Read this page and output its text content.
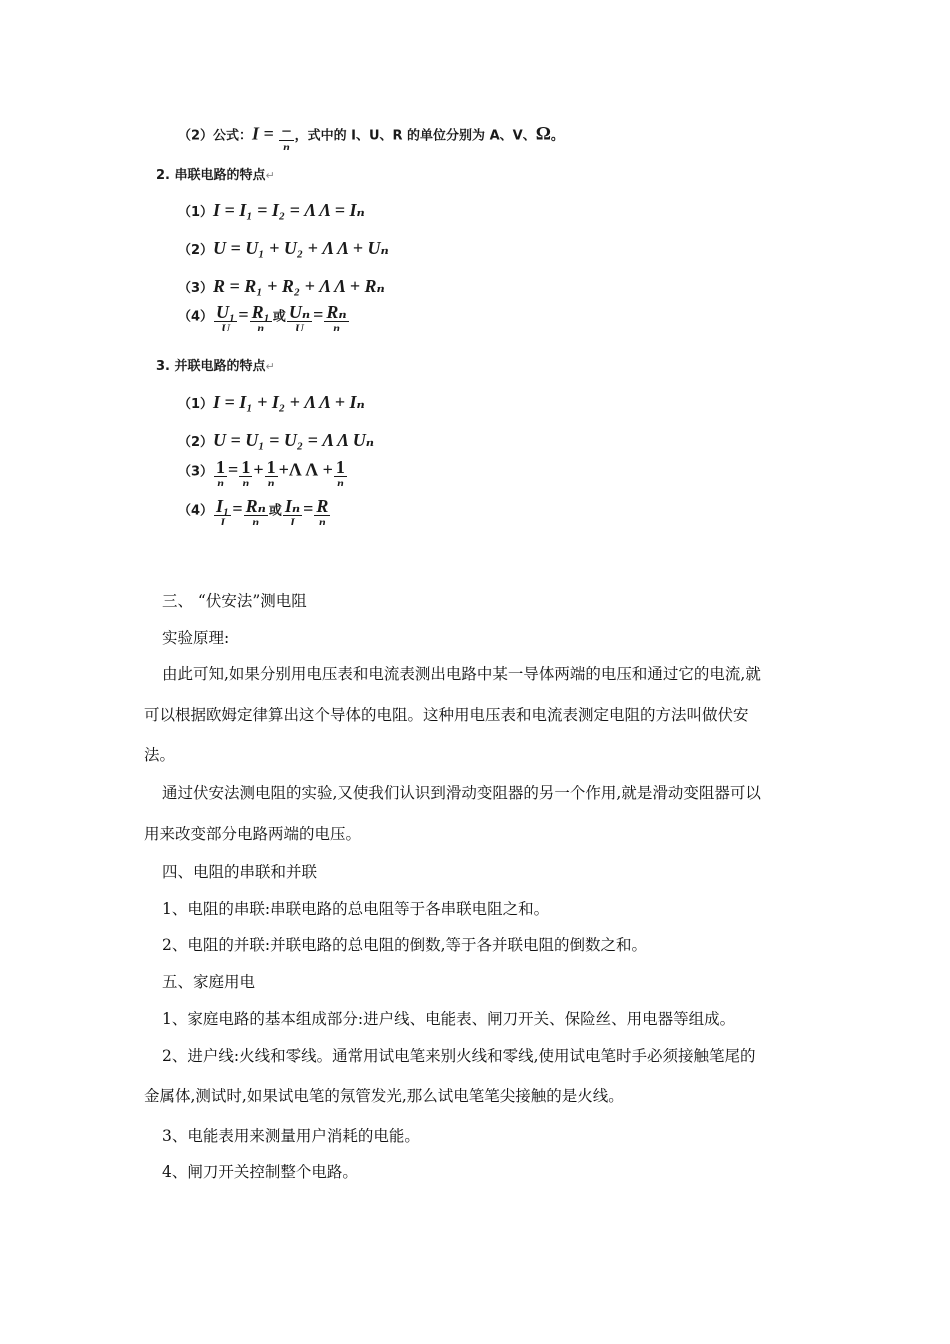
（2）公式：$I = \frac{-}{n}$ ，式中的 I、U、R 的单位分别为 A、V、Ω。
2. 串联电路的特点↵
（1）I = I₁ = I₂ = Λ Λ = Iₙ
（2）U = U₁ + U₂ + Λ Λ + Uₙ
（3）R = R₁ + R₂ + Λ Λ + Rₙ
$(4) \frac{\text{U₁}}{U} = \frac{\text{R₁}}{n}$ 或 $\frac{\text{Uₙ}}{U} = \frac{\text{Rₙ}}{n}$
3. 并联电路的特点↵
（1）I = I₁ + I₂ + Λ Λ + Iₙ
（2）U = U₁ = U₂ = Λ Λ Uₙ
$(3) \frac{1}{n} = \frac{1}{n} + \frac{1}{n} +\Lambda$ $\Lambda + \frac{1}{n}$
$(4) \frac{\text{I₁}}{I} = \frac{\text{Rₙ}}{n}$ 或 $\frac{\text{Iₙ}}{I} = \frac{R}{n}$
三、 “伏安法”测电阻
实验原理:
由此可知,如果分别用电压表和电流表测出电路中某一导体两端的电压和通过它的电流,就
可以根据欧姆定律算出这个导体的电阻。这种用电压表和电流表测定电阻的方法叫做伏安
法。
通过伏安法测电阻的实验,又使我们认识到滑动变阻器的另一个作用,就是滑动变阻器可以
用来改变部分电路两端的电压。
四、电阻的串联和并联
1、电阻的串联:串联电路的总电阻等于各串联电阻之和。
2、电阻的并联:并联电路的总电阻的倒数,等于各并联电阻的倒数之和。
五、家庭用电
1、家庭电路的基本组成部分:进户线、电能表、闸刀开关、保险丝、用电器等组成。
2、进户线:火线和零线。通常用试电笔来别火线和零线,使用试电笔时手必须接触笔尾的
金属体,测试时,如果试电笔的氖管发光,那么试电笔笔尖接触的是火线。
3、电能表用来测量用户消耗的电能。
4、闸刀开关控制整个电路。
